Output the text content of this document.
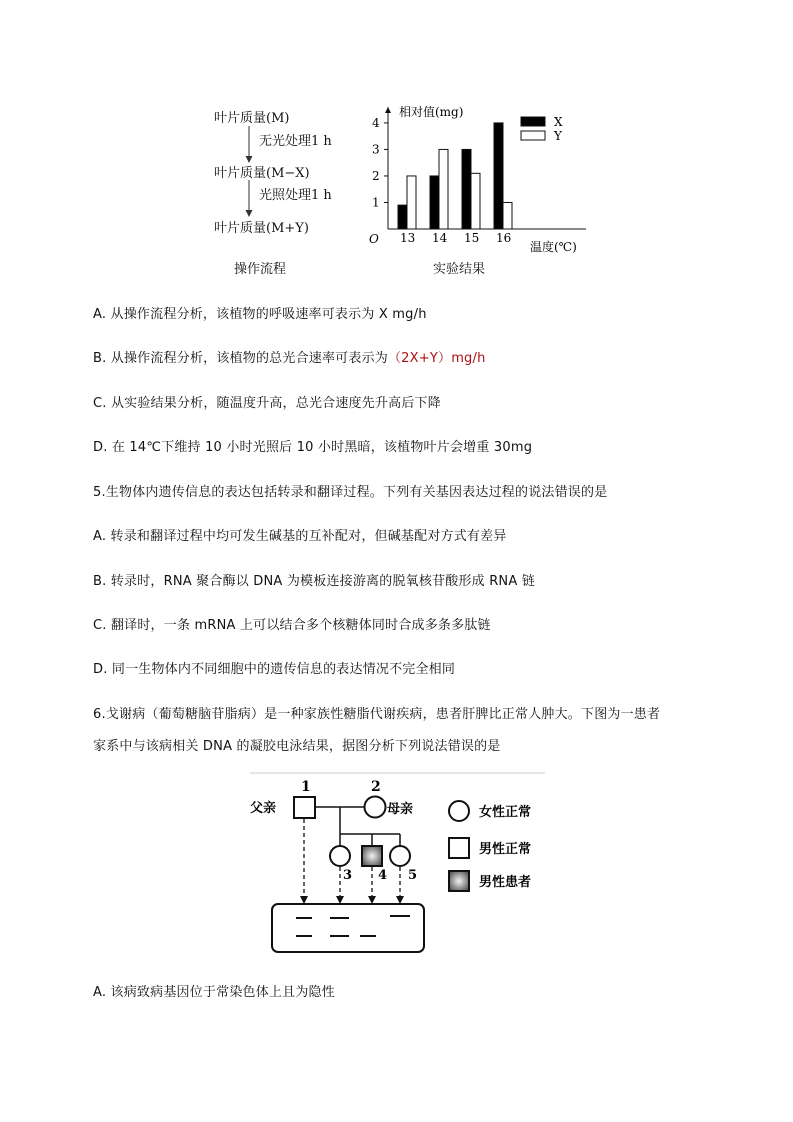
叶片质量(M)
无光处理1 h
叶片质量(M−X)
光照处理1 h
叶片质量(M+Y)
操作流程
1
2
3
4
相对值(mg)
O
温度(℃)
13 14 15 16
X
Y
实验结果
A. 从操作流程分析，该植物的呼吸速率可表示为 X mg/h
B. 从操作流程分析，该植物的总光合速率可表示为（2X+Y）mg/h
C. 从实验结果分析，随温度升高，总光合速度先升高后下降
D. 在 14℃下维持 10 小时光照后 10 小时黑暗，该植物叶片会增重 30mg
5.生物体内遗传信息的表达包括转录和翻译过程。下列有关基因表达过程的说法错误的是
A. 转录和翻译过程中均可发生碱基的互补配对，但碱基配对方式有差异
B. 转录时，RNA 聚合酶以 DNA 为模板连接游离的脱氧核苷酸形成 RNA 链
C. 翻译时，一条 mRNA 上可以结合多个核糖体同时合成多条多肽链
D. 同一生物体内不同细胞中的遗传信息的表达情况不完全相同
6.戈谢病（葡萄糖脑苷脂病）是一种家族性糖脂代谢疾病，患者肝脾比正常人肿大。下图为一患者
家系中与该病相关 DNA 的凝胶电泳结果，据图分析下列说法错误的是
父亲
1	2
母亲
3 4 5
女性正常
男性正常
男性患者
A. 该病致病基因位于常染色体上且为隐性
